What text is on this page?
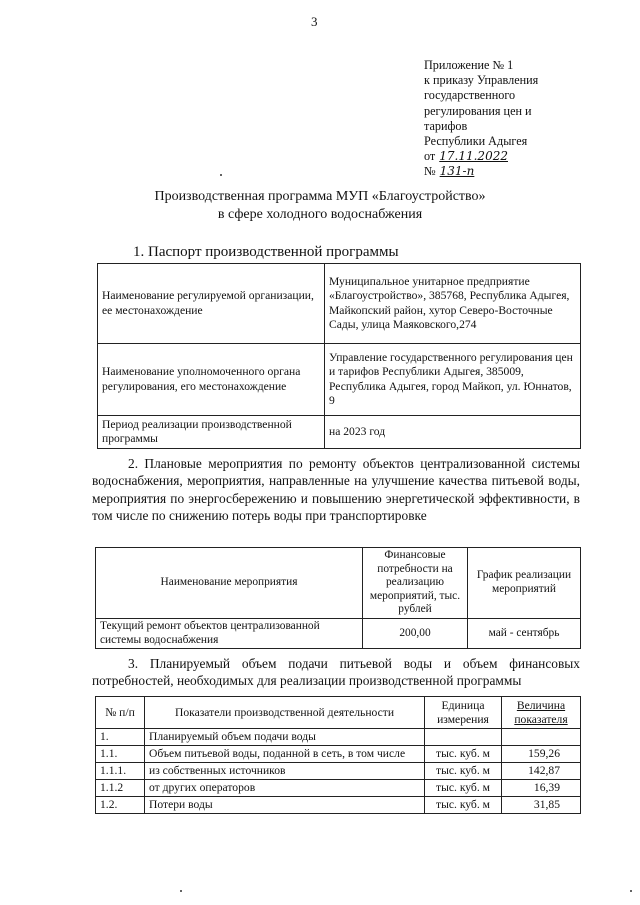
3
Приложение № 1
к приказу Управления
государственного
регулирования цен и
тарифов
Республики Адыгея
от 17.11.2022
№ 131-п
Производственная программа МУП «Благоустройство»
в сфере холодного водоснабжения
1. Паспорт производственной программы
Наименование регулируемой организации, ее местонахождение	Муниципальное унитарное предприятие «Благоустройство», 385768, Республика Адыгея, Майкопский район, хутор Северо-Восточные Сады, улица Маяковского,274
Наименование уполномоченного органа регулирования, его местонахождение	Управление государственного регулирования цен и тарифов Республики Адыгея, 385009, Республика Адыгея, город Майкоп, ул. Юннатов, 9
Период реализации производственной программы	на 2023 год
2. Плановые мероприятия по ремонту объектов централизованной системы водоснабжения, мероприятия, направленные на улучшение качества питьевой воды, мероприятия по энергосбережению и повышению энергетической эффективности, в том числе по снижению потерь воды при транспортировке
Наименование мероприятия	Финансовые потребности на реализацию мероприятий, тыс. рублей	График реализации мероприятий
Текущий ремонт объектов централизованной системы водоснабжения	200,00	май - сентябрь
3. Планируемый объем подачи питьевой воды и объем финансовых потребностей, необходимых для реализации производственной программы
№ п/п	Показатели производственной деятельности	Единица измерения	Величина показателя
1.	Планируемый объем подачи воды		
1.1.	Объем питьевой воды, поданной в сеть, в том числе	тыс. куб. м	159,26
1.1.1.	из собственных источников	тыс. куб. м	142,87
1.1.2	от других операторов	тыс. куб. м	16,39
1.2.	Потери воды	тыс. куб. м	31,85
